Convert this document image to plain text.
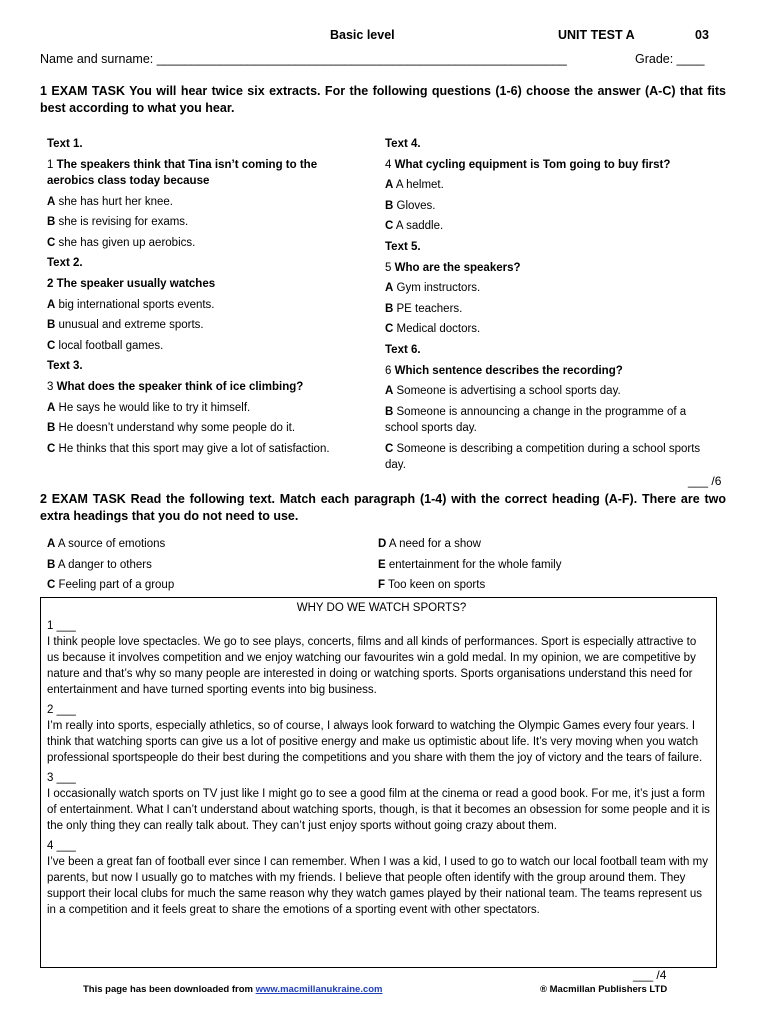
Basic level	UNIT TEST A	03
Name and surname: ___________________________________________________________	Grade: ____
1 EXAM TASK You will hear twice six extracts. For the following questions (1-6) choose the answer (A-C) that fits best according to what you hear.
Text 1.
1 The speakers think that Tina isn’t coming to the aerobics class today because
A she has hurt her knee.
B she is revising for exams.
C she has given up aerobics.
Text 2.
2 The speaker usually watches
A big international sports events.
B unusual and extreme sports.
C local football games.
Text 3.
3 What does the speaker think of ice climbing?
A He says he would like to try it himself.
B He doesn’t understand why some people do it.
C He thinks that this sport may give a lot of satisfaction.
Text 4.
4 What cycling equipment is Tom going to buy first?
A A helmet.
B Gloves.
C A saddle.
Text 5.
5 Who are the speakers?
A Gym instructors.
B PE teachers.
C Medical doctors.
Text 6.
6 Which sentence describes the recording?
A Someone is advertising a school sports day.
B Someone is announcing a change in the programme of a school sports day.
C Someone is describing a competition during a school sports day.
___ /6
2 EXAM TASK Read the following text. Match each paragraph (1-4) with the correct heading (A-F). There are two extra headings that you do not need to use.
A A source of emotions
B A danger to others
C Feeling part of a group
D A need for a show
E entertainment for the whole family
F Too keen on sports
WHY DO WE WATCH SPORTS?
1 ___
I think people love spectacles. We go to see plays, concerts, films and all kinds of performances. Sport is especially attractive to us because it involves competition and we enjoy watching our favourites win a gold medal. In my opinion, we are competitive by nature and that’s why so many people are interested in doing or watching sports. Sports organisations understand this need for entertainment and have turned sporting events into big business.
2 ___
I’m really into sports, especially athletics, so of course, I always look forward to watching the Olympic Games every four years. I think that watching sports can give us a lot of positive energy and make us optimistic about life. It’s very moving when you watch professional sportspeople do their best during the competitions and you share with them the joy of victory and the tears of failure.
3 ___
I occasionally watch sports on TV just like I might go to see a good film at the cinema or read a good book. For me, it’s just a form of entertainment. What I can’t understand about watching sports, though, is that it becomes an obsession for some people and it is the only thing they can really talk about. They can’t just enjoy sports without going crazy about them.
4 ___
I’ve been a great fan of football ever since I can remember. When I was a kid, I used to go to watch our local football team with my parents, but now I usually go to matches with my friends. I believe that people often identify with the group around them. They support their local clubs for much the same reason why they watch games played by their national team. The teams represent us in a competition and it feels great to share the emotions of a sporting event with other spectators.
___ /4
This page has been downloaded from www.macmillanukraine.com	® Macmillan Publishers LTD
